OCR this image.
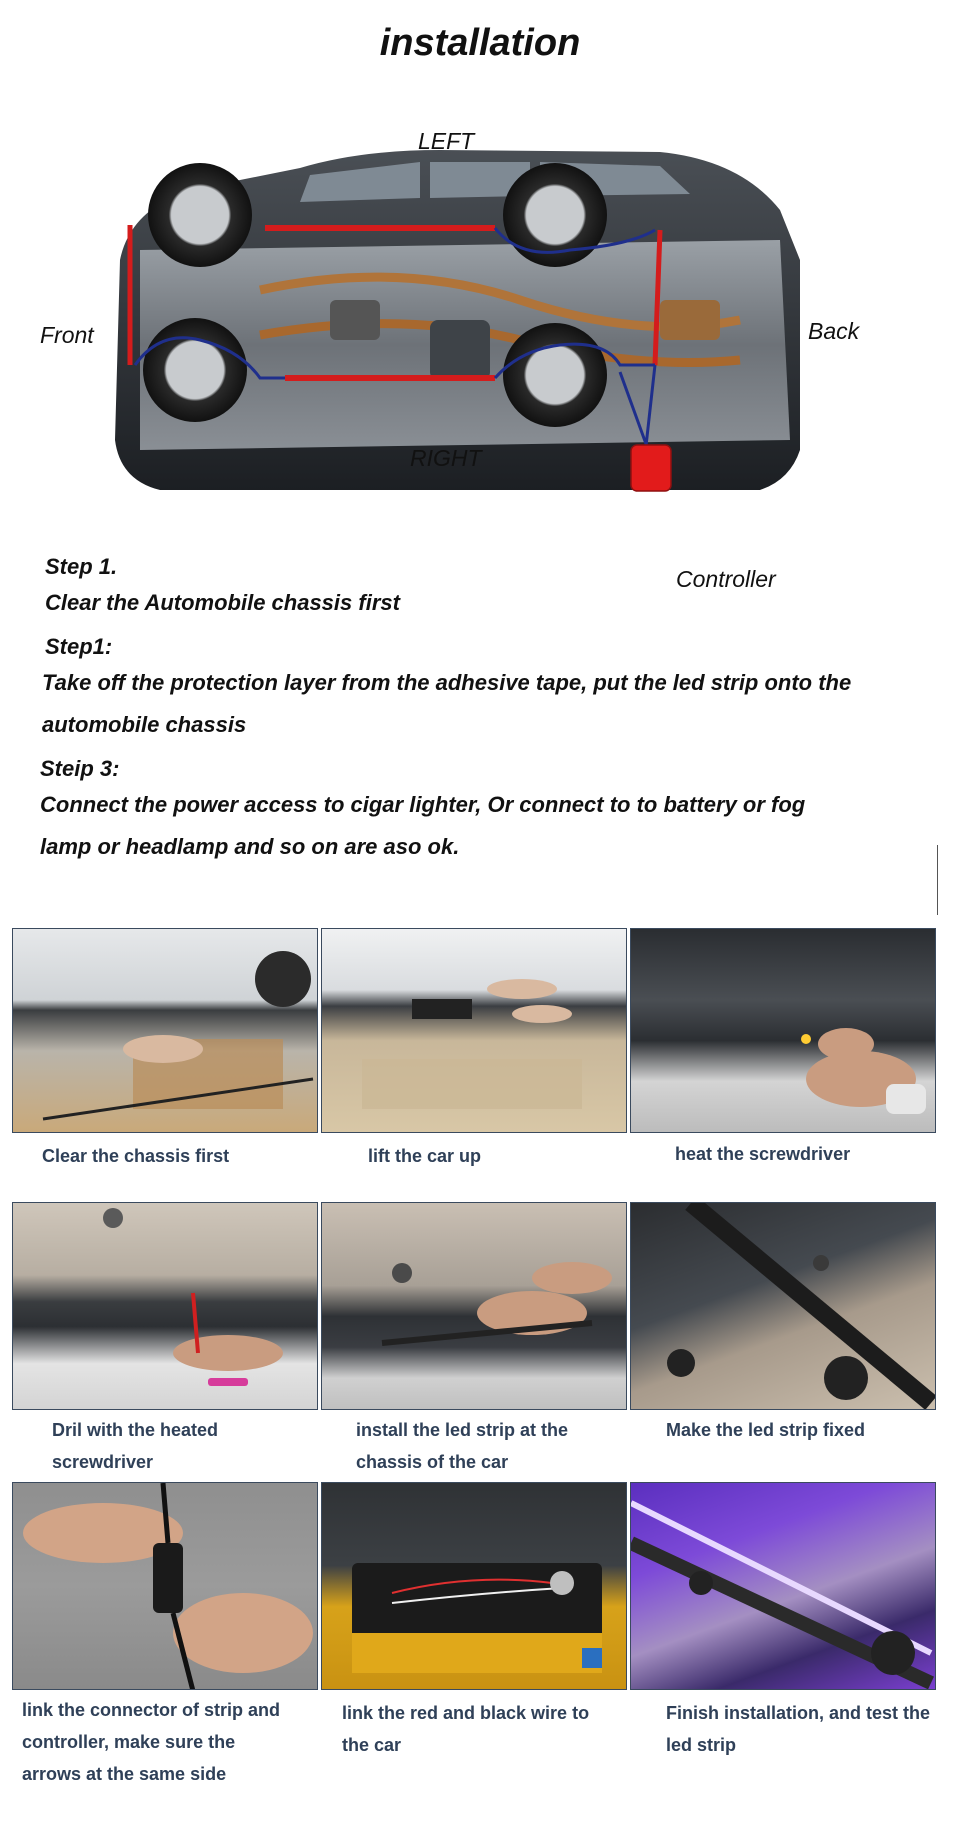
installation
LEFT
Front	Back
RIGHT
Controller
Step 1.
Clear the Automobile chassis first
Step1:
Take off the protection layer from the adhesive tape, put the led strip onto the
automobile chassis
Steip 3:
Connect the power access to cigar lighter, Or connect to to battery or fog
lamp or headlamp and so on are aso ok.
Clear the chassis first	lift the car up	heat the screwdriver
Dril with the heated
screwdriver
install the led strip at the
chassis of the car
Make the led strip fixed
link the connector of strip and
controller, make sure the
arrows at the same side
link the red and black wire to
the car
Finish installation, and test the
led strip
